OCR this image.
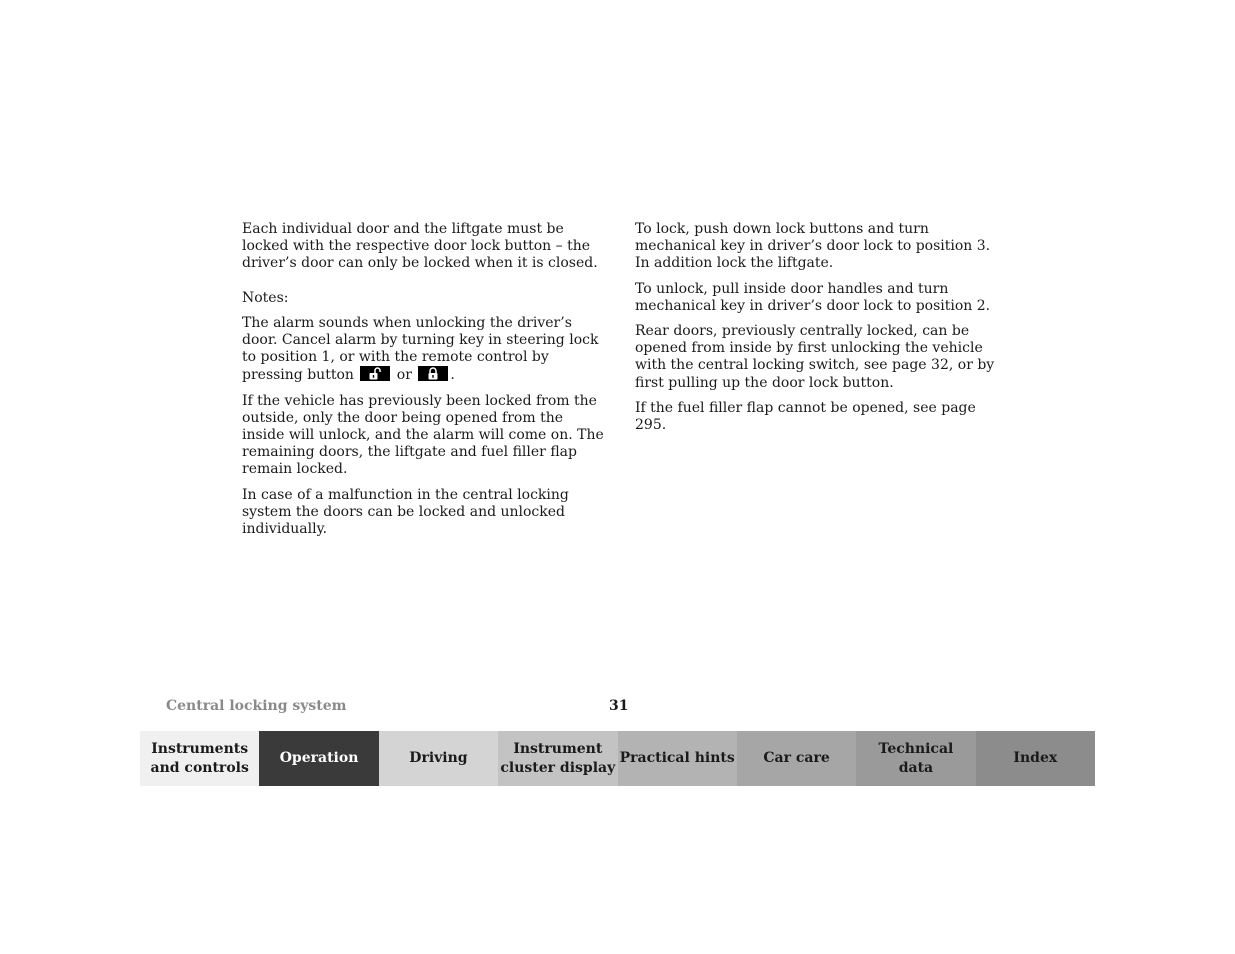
Each individual door and the liftgate must be locked with the respective door lock button – the driver’s door can only be locked when it is closed.

Notes:

The alarm sounds when unlocking the driver’s door. Cancel alarm by turning key in steering lock to position 1, or with the remote control by pressing button	or	.

If the vehicle has previously been locked from the outside, only the door being opened from the inside will unlock, and the alarm will come on. The remaining doors, the liftgate and fuel filler flap remain locked.

In case of a malfunction in the central locking system the doors can be locked and unlocked individually.

To lock, push down lock buttons and turn mechanical key in driver’s door lock to position 3. In addition lock the liftgate.

To unlock, pull inside door handles and turn mechanical key in driver’s door lock to position 2.

Rear doors, previously centrally locked, can be opened from inside by first unlocking the vehicle with the central locking switch, see page 32, or by first pulling up the door lock button.

If the fuel filler flap cannot be opened, see page 295.

Central locking system	31
Instruments
and controls
Operation	Driving
Instrument
cluster display
Practical hints	Car care
Technical
data
Index
